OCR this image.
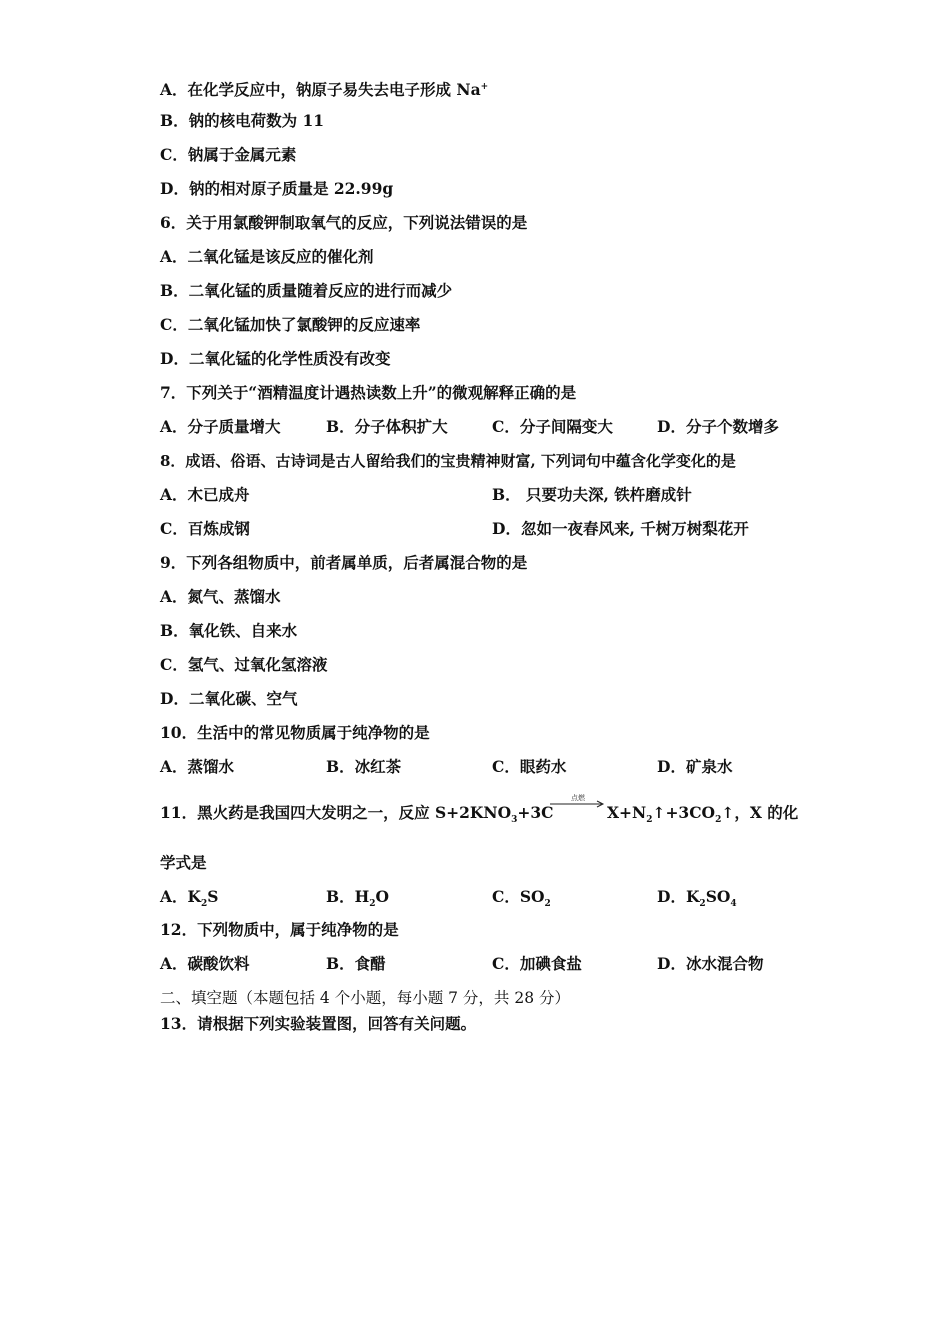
A．在化学反应中，钠原子易失去电子形成 Na+
B．钠的核电荷数为 11
C．钠属于金属元素
D．钠的相对原子质量是 22.99g
6．关于用氯酸钾制取氧气的反应，下列说法错误的是
A．二氧化锰是该反应的催化剂
B．二氧化锰的质量随着反应的进行而减少
C．二氧化锰加快了氯酸钾的反应速率
D．二氧化锰的化学性质没有改变
7．下列关于“酒精温度计遇热读数上升”的微观解释正确的是
A．分子质量增大	B．分子体积扩大	C．分子间隔变大	D．分子个数增多
8．成语、俗语、古诗词是古人留给我们的宝贵精神财富, 下列词句中蕴含化学变化的是
A．木已成舟	B． 只要功夫深, 铁杵磨成针
C．百炼成钢	D．忽如一夜春风来, 千树万树梨花开
9．下列各组物质中，前者属单质，后者属混合物的是
A．氮气、蒸馏水
B．氧化铁、自来水
C．氢气、过氧化氢溶液
D．二氧化碳、空气
10．生活中的常见物质属于纯净物的是
A．蒸馏水	B．冰红茶	C．眼药水	D．矿泉水
11．黑火药是我国四大发明之一，反应 $S+2KNO_3+3C$
点燃
$X+N_2↑+3CO_2↑$，X 的化
学式是
A．$K_2S$	B．$H_2O$	C．$SO_2$	D．$K_2SO_4$
12．下列物质中，属于纯净物的是
A．碳酸饮料	B．食醋	C．加碘食盐	D．冰水混合物
二、填空题（本题包括 4 个小题，每小题 7 分，共 28 分）
13．请根据下列实验装置图，回答有关问题。
